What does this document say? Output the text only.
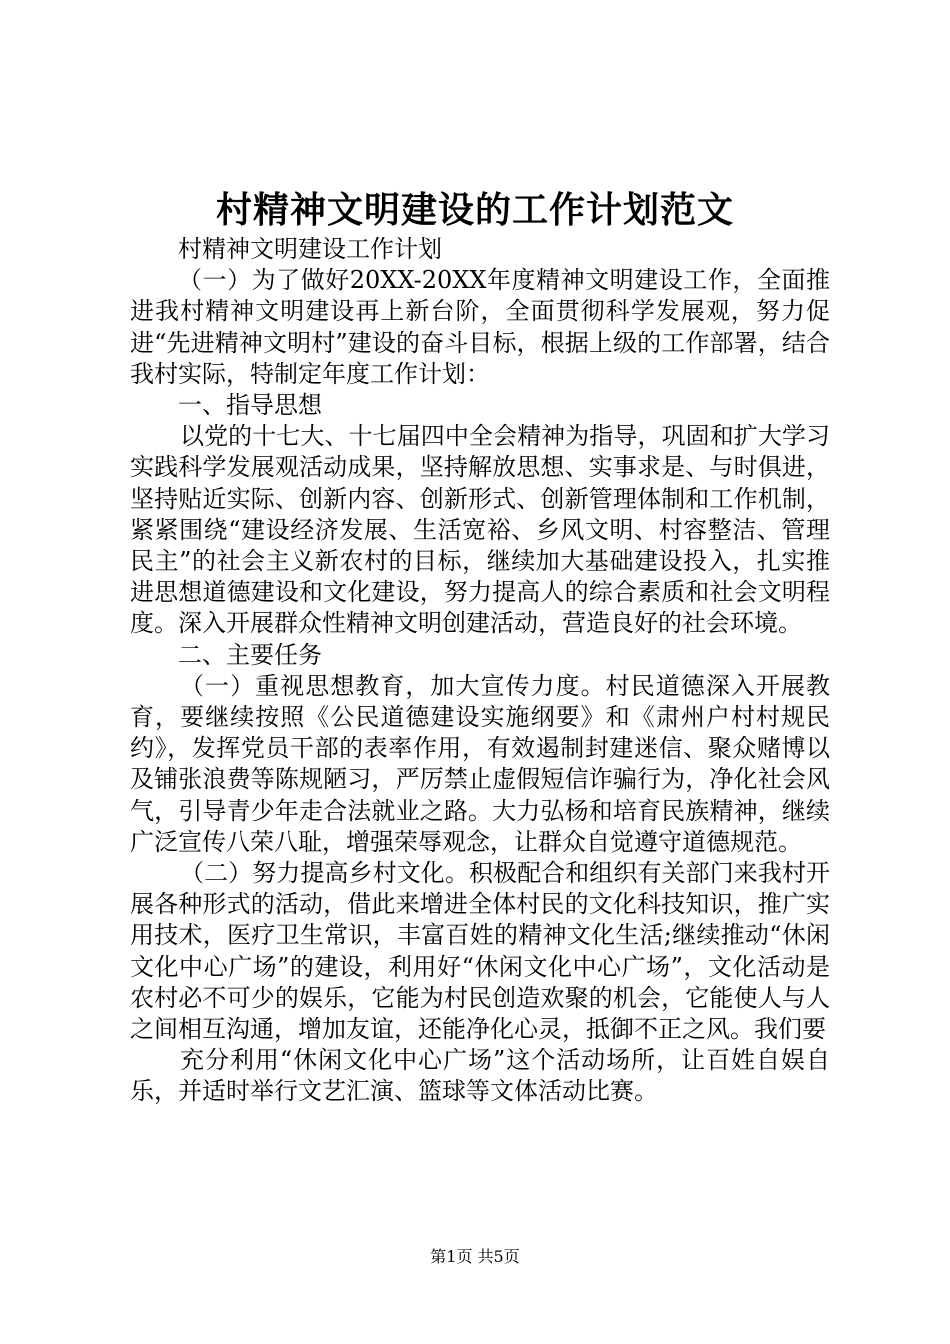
村精神文明建设的工作计划范文

村精神文明建设工作计划

（一）为了做好20XX-20XX年度精神文明建设工作，全面推进我村精神文明建设再上新台阶，全面贯彻科学发展观，努力促进“先进精神文明村”建设的奋斗目标，根据上级的工作部署，结合我村实际，特制定年度工作计划：

一、指导思想

以党的十七大、十七届四中全会精神为指导，巩固和扩大学习实践科学发展观活动成果，坚持解放思想、实事求是、与时俱进，坚持贴近实际、创新内容、创新形式、创新管理体制和工作机制，紧紧围绕“建设经济发展、生活宽裕、乡风文明、村容整洁、管理民主”的社会主义新农村的目标，继续加大基础建设投入，扎实推进思想道德建设和文化建设，努力提高人的综合素质和社会文明程度。深入开展群众性精神文明创建活动，营造良好的社会环境。

二、主要任务

（一）重视思想教育，加大宣传力度。村民道德深入开展教育，要继续按照《公民道德建设实施纲要》和《肃州户村村规民约》，发挥党员干部的表率作用，有效遏制封建迷信、聚众赌博以及铺张浪费等陈规陋习，严厉禁止虚假短信诈骗行为，净化社会风气，引导青少年走合法就业之路。大力弘杨和培育民族精神，继续广泛宣传八荣八耻，增强荣辱观念，让群众自觉遵守道德规范。

（二）努力提高乡村文化。积极配合和组织有关部门来我村开展各种形式的活动，借此来增进全体村民的文化科技知识，推广实用技术，医疗卫生常识，丰富百姓的精神文化生活;继续推动“休闲文化中心广场”的建设，利用好“休闲文化中心广场”，文化活动是农村必不可少的娱乐，它能为村民创造欢聚的机会，它能使人与人之间相互沟通，增加友谊，还能净化心灵，抵御不正之风。我们要

充分利用“休闲文化中心广场”这个活动场所，让百姓自娱自乐，并适时举行文艺汇演、篮球等文体活动比赛。

第1页 共5页
